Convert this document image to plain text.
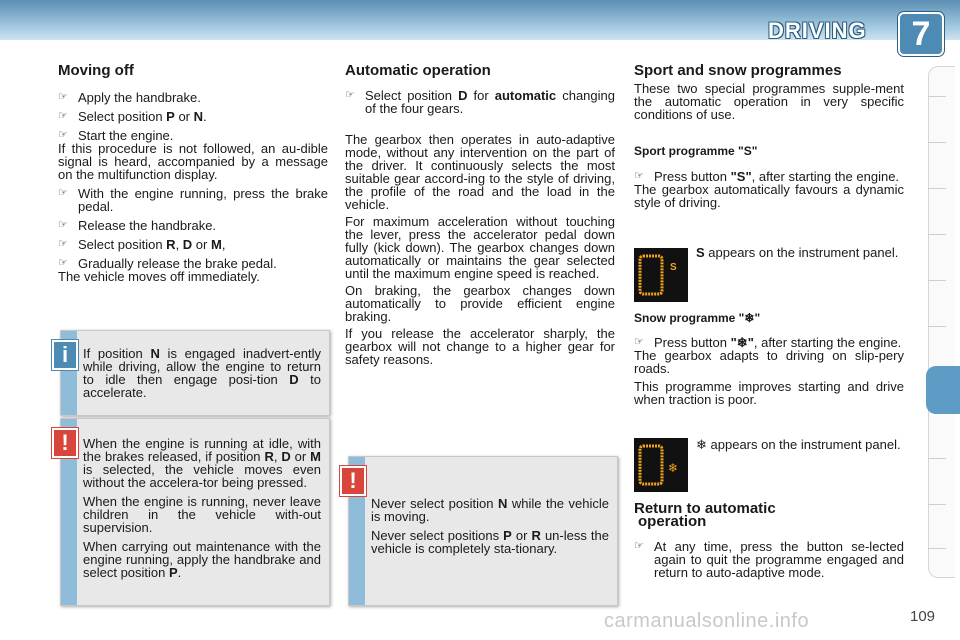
DRIVING	7

Moving off

☞ Apply the handbrake.

☞ Select position P or N.

☞ Start the engine.

If this procedure is not followed, an au-dible signal is heard, accompanied by a message on the multifunction display.

☞ With the engine running, press the brake pedal.

☞ Release the handbrake.

☞ Select position R, D or M,

☞ Gradually release the brake pedal.

The vehicle moves off immediately.

If position N is engaged inadvert-ently while driving, allow the engine to return to idle then engage posi-tion D to accelerate.
i

When the engine is running at idle, with the brakes released, if position R, D or M is selected, the vehicle moves even without the accelera-tor being pressed.

When the engine is running, never leave children in the vehicle with-out supervision.

When carrying out maintenance with the engine running, apply the handbrake and select position P.

!

Automatic operation

☞ Select position D for automatic changing of the four gears.

The gearbox then operates in auto-adaptive mode, without any intervention on the part of the driver. It continuously selects the most suitable gear accord-ing to the style of driving, the profile of the road and the load in the vehicle.

For maximum acceleration without touching the lever, press the accelerator pedal down fully (kick down). The gearbox changes down automatically or maintains the gear selected until the maximum engine speed is reached.

On braking, the gearbox changes down automatically to provide efficient engine braking.

If you release the accelerator sharply, the gearbox will not change to a higher gear for safety reasons.

Never select position N while the vehicle is moving.

Never select positions P or R un-less the vehicle is completely sta-tionary.

!

Sport and snow programmes

These two special programmes supple-ment the automatic operation in very specific conditions of use.

Sport programme "S"

☞ Press button "S", after starting the engine.

The gearbox automatically favours a dynamic style of driving.

S

S appears on the instrument panel.

Snow programme "❄"

☞ Press button "❄", after starting the engine.

The gearbox adapts to driving on slip-pery roads.

This programme improves starting and drive when traction is poor.

❄

❄ appears on the instrument panel.

Return to automatic

operation

☞ At any time, press the button se-lected again to quit the programme engaged and return to auto-adaptive mode.

carmanualsonline.info	109
